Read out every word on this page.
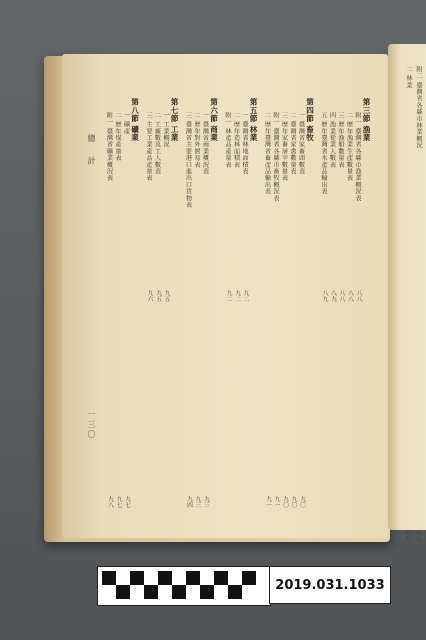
附二 臺灣省各縣市林業概況
二 林業
八八
八九
總 計
一三〇
第三節 漁業
附一 臺灣省各縣市漁業概況表
八八
二 歷年漁業生產數量表
八八
三 歷年漁船數量表
八八
四 漁業從業人數表
八九
五 歷年臺灣省水產品輸出表
八九
第四節 畜牧
一 臺灣省家畜頭數表
九〇
二 臺灣省家禽數量表
九〇
三 歷年家畜屠宰數量表
九〇
附一 臺灣省各縣市畜牧概況表
九一
二 歷年臺灣省畜產品輸出表
九一
第五節 林業
一 臺灣省林地面積表
九二
二 歷年造林面積表
九二
附一 林產品產量表
九二
第六節 商業
一 臺灣省商業概況表
九三
二 歷年對外貿易表
九三
三 臺灣省主要港口進出口貨物表
九四
第七節 工業
一 工業概況
九五
二 工廠數及工人數表
九五
三 主要工業產品產量表
九六
第八節 礦業
一 礦產
九七
二 歷年煤產量表
九七
附一 臺灣省礦業概況表
九八
2019.031.1033
